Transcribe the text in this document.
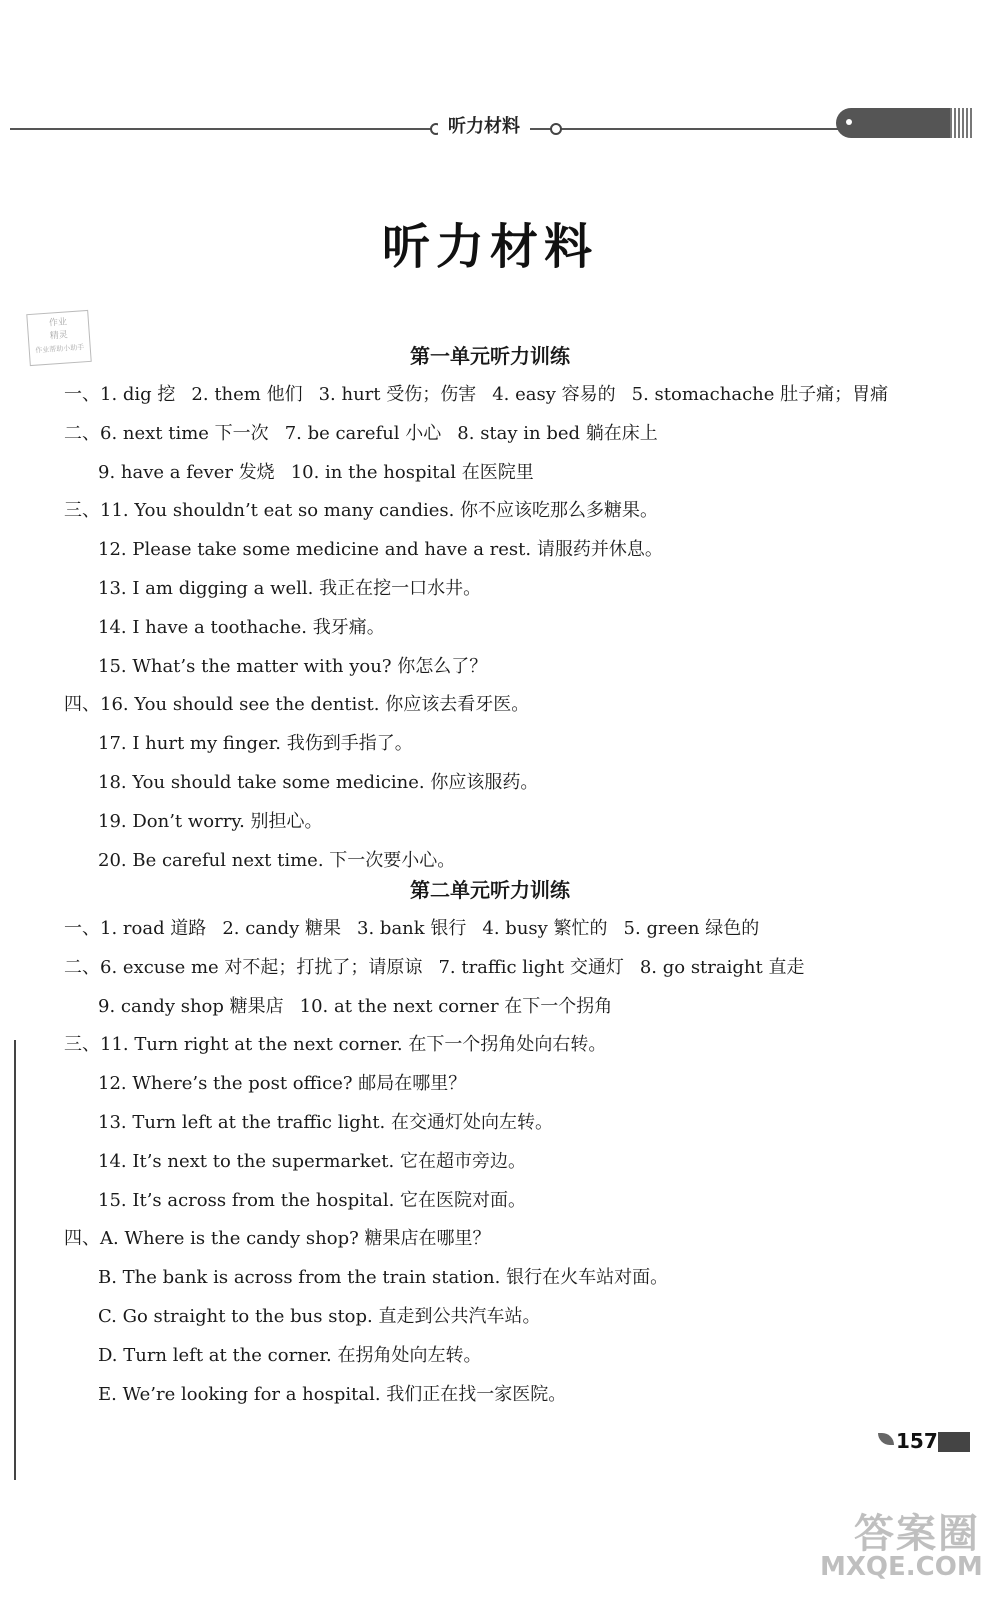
听力材料
听力材料
作业
精灵
作业帮助小助手	第一单元听力训练
一、1. dig 挖 2. them 他们 3. hurt 受伤；伤害 4. easy 容易的 5. stomachache 肚子痛；胃痛
二、6. next time 下一次 7. be careful 小心 8. stay in bed 躺在床上
9. have a fever 发烧 10. in the hospital 在医院里
三、11. You shouldn’t eat so many candies. 你不应该吃那么多糖果。
12. Please take some medicine and have a rest. 请服药并休息。
13. I am digging a well. 我正在挖一口水井。
14. I have a toothache. 我牙痛。
15. What’s the matter with you? 你怎么了？
四、16. You should see the dentist. 你应该去看牙医。
17. I hurt my finger. 我伤到手指了。
18. You should take some medicine. 你应该服药。
19. Don’t worry. 别担心。
20. Be careful next time. 下一次要小心。
第二单元听力训练
一、1. road 道路 2. candy 糖果 3. bank 银行 4. busy 繁忙的 5. green 绿色的
二、6. excuse me 对不起；打扰了；请原谅 7. traffic light 交通灯 8. go straight 直走
9. candy shop 糖果店 10. at the next corner 在下一个拐角
三、11. Turn right at the next corner. 在下一个拐角处向右转。
12. Where’s the post office? 邮局在哪里？
13. Turn left at the traffic light. 在交通灯处向左转。
14. It’s next to the supermarket. 它在超市旁边。
15. It’s across from the hospital. 它在医院对面。
四、A. Where is the candy shop? 糖果店在哪里？
B. The bank is across from the train station. 银行在火车站对面。
C. Go straight to the bus stop. 直走到公共汽车站。
D. Turn left at the corner. 在拐角处向左转。
E. We’re looking for a hospital. 我们正在找一家医院。
157
答案圈
MXQE.COM
